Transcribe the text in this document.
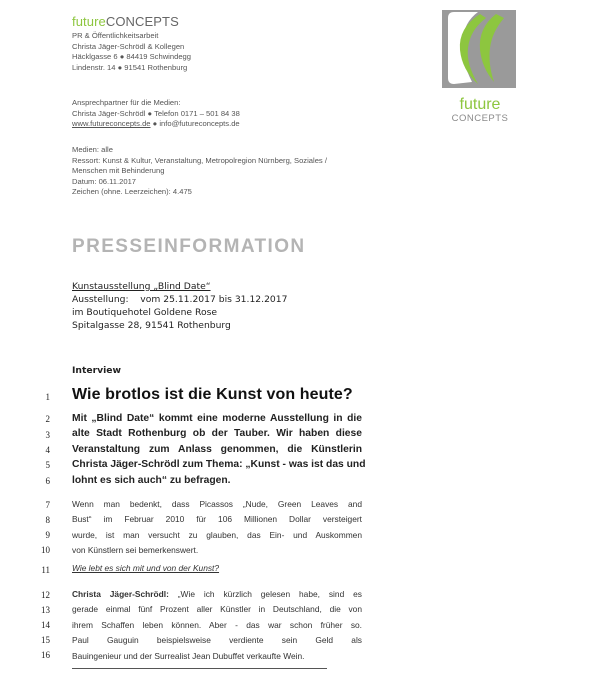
futureCONCEPTS
PR & Öffentlichkeitsarbeit
Christa Jäger-Schrödl & Kollegen
Häcklgasse 6 ● 84419 Schwindegg
Lindenstr. 14 ● 91541 Rothenburg
Ansprechpartner für die Medien:
Christa Jäger-Schrödl ● Telefon 0171 – 501 84 38
www.futureconcepts.de ● info@futureconcepts.de
Medien: alle
Ressort: Kunst & Kultur, Veranstaltung, Metropolregion Nürnberg, Soziales /
Menschen mit Behinderung
Datum: 06.11.2017
Zeichen (ohne. Leerzeichen): 4.475
future
CONCEPTS
PRESSEINFORMATION
Kunstausstellung „Blind Date“
Ausstellung:    vom 25.11.2017 bis 31.12.2017
im Boutiquehotel Goldene Rose
Spitalgasse 28, 91541 Rothenburg
Interview
1
2
3
4
5
6
7
8
9
10
11
12
13
14
15
16
Wie brotlos ist die Kunst von heute?
Mit „Blind Date“ kommt eine moderne Ausstellung in die
alte Stadt Rothenburg ob der Tauber. Wir haben diese
Veranstaltung zum Anlass genommen, die Künstlerin
Christa Jäger-Schrödl zum Thema: „Kunst - was ist das und
lohnt es sich auch“ zu befragen.
Wenn man bedenkt, dass Picassos „Nude, Green Leaves and
Bust“ im Februar 2010 für 106 Millionen Dollar versteigert
wurde, ist man versucht zu glauben, das Ein- und Auskommen
von Künstlern sei bemerkenswert.
Wie lebt es sich mit und von der Kunst?
Christa Jäger-Schrödl: „Wie ich kürzlich gelesen habe, sind es
gerade einmal fünf Prozent aller Künstler in Deutschland, die von
ihrem Schaffen leben können. Aber - das war schon früher so.
Paul Gauguin beispielsweise verdiente sein Geld als
Bauingenieur und der Surrealist Jean Dubuffet verkaufte Wein.
